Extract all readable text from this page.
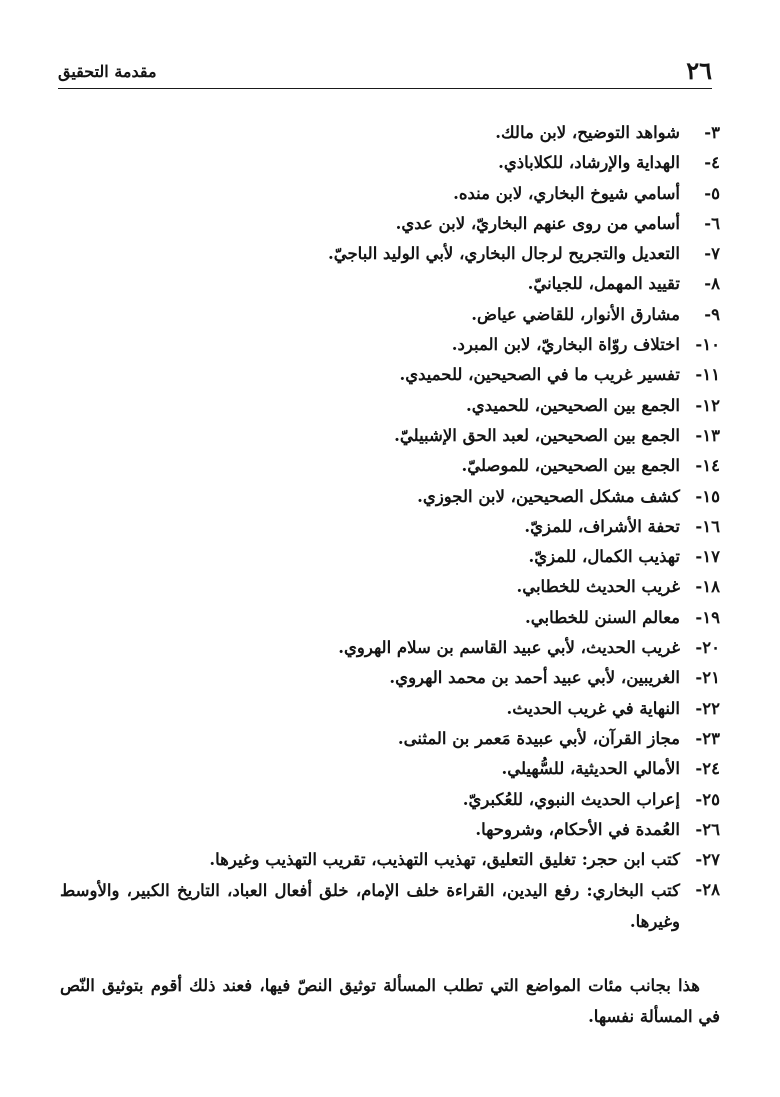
٢٦
مقدمة التحقيق
٣-
شواهد التوضيح، لابن مالك.
٤-
الهداية والإرشاد، للكلاباذي.
٥-
أسامي شيوخ البخاري، لابن منده.
٦-
أسامي من روى عنهم البخاريّ، لابن عدي.
٧-
التعديل والتجريح لرجال البخاري، لأبي الوليد الباجيّ.
٨-
تقييد المهمل، للجيانيّ.
٩-
مشارق الأنوار، للقاضي عياض.
١٠-
اختلاف روّاة البخاريّ، لابن المبرد.
١١-
تفسير غريب ما في الصحيحين، للحميدي.
١٢-
الجمع بين الصحيحين، للحميدي.
١٣-
الجمع بين الصحيحين، لعبد الحق الإشبيليّ.
١٤-
الجمع بين الصحيحين، للموصليّ.
١٥-
كشف مشكل الصحيحين، لابن الجوزي.
١٦-
تحفة الأشراف، للمزيّ.
١٧-
تهذيب الكمال، للمزيّ.
١٨-
غريب الحديث للخطابي.
١٩-
معالم السنن للخطابي.
٢٠-
غريب الحديث، لأبي عبيد القاسم بن سلام الهروي.
٢١-
الغريبين، لأبي عبيد أحمد بن محمد الهروي.
٢٢-
النهاية في غريب الحديث.
٢٣-
مجاز القرآن، لأبي عبيدة مَعمر بن المثنى.
٢٤-
الأمالي الحديثية، للسُّهيلي.
٢٥-
إعراب الحديث النبوي، للعُكبريّ.
٢٦-
العُمدة في الأحكام، وشروحها.
٢٧-
كتب ابن حجر: تغليق التعليق، تهذيب التهذيب، تقريب التهذيب وغيرها.
٢٨-
كتب البخاري: رفع اليدين، القراءة خلف الإمام، خلق أفعال العباد، التاريخ الكبير، والأوسط وغيرها.

هذا بجانب مئات المواضع التي تطلب المسألة توثيق النصّ فيها، فعند ذلك أقوم بتوثيق النّص في المسألة نفسها.
